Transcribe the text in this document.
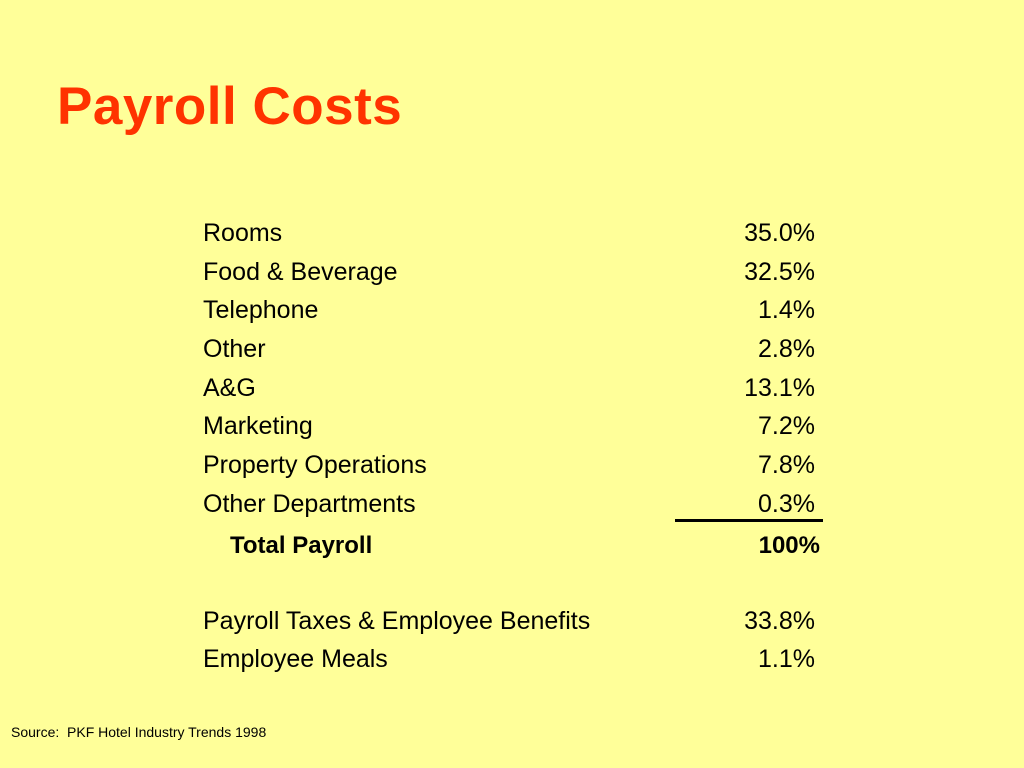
Payroll Costs
Rooms	35.0%
Food & Beverage	32.5%
Telephone	1.4%
Other	2.8%
A&G	13.1%
Marketing	7.2%
Property Operations	7.8%
Other Departments	0.3%
Total Payroll	100%
Payroll Taxes & Employee Benefits	33.8%
Employee Meals	1.1%
Source:  PKF Hotel Industry Trends 1998
